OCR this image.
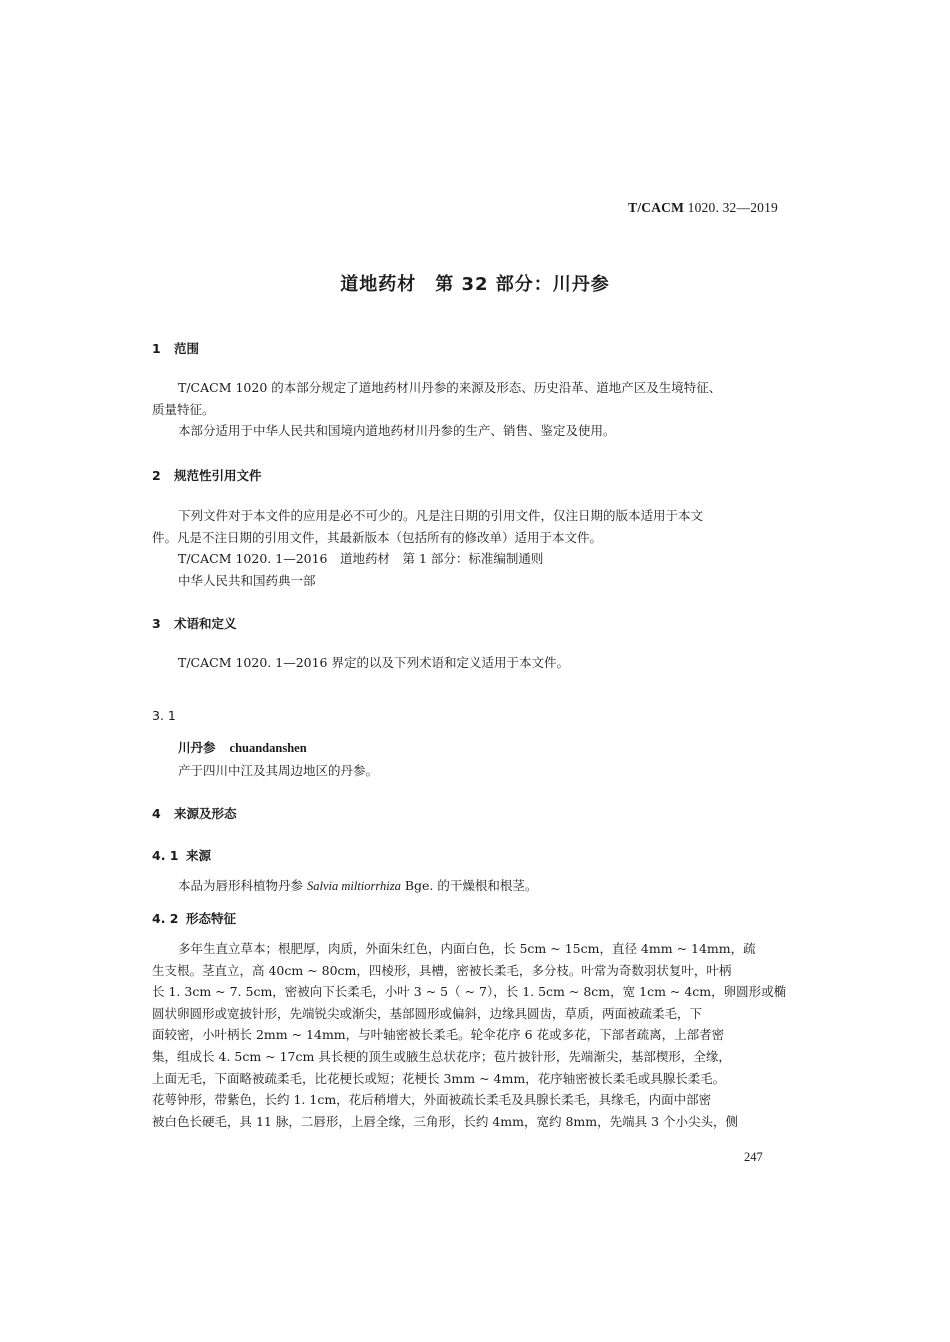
T/CACM 1020. 32—2019
道地药材　第 32 部分：川丹参
1 范围
T/CACM 1020 的本部分规定了道地药材川丹参的来源及形态、历史沿革、道地产区及生境特征、
质量特征。
本部分适用于中华人民共和国境内道地药材川丹参的生产、销售、鉴定及使用。
2 规范性引用文件
下列文件对于本文件的应用是必不可少的。凡是注日期的引用文件，仅注日期的版本适用于本文
件。凡是不注日期的引用文件，其最新版本（包括所有的修改单）适用于本文件。
T/CACM 1020. 1—2016　道地药材　第 1 部分：标准编制通则
中华人民共和国药典一部
3 术语和定义
T/CACM 1020. 1—2016 界定的以及下列术语和定义适用于本文件。
3. 1
川丹参 chuandanshen
产于四川中江及其周边地区的丹参。
4 来源及形态
4. 1 来源
本品为唇形科植物丹参 Salvia miltiorrhiza Bge. 的干燥根和根茎。
4. 2 形态特征
多年生直立草本；根肥厚，肉质，外面朱红色，内面白色，长 5cm ~ 15cm，直径 4mm ~ 14mm，疏
生支根。茎直立，高 40cm ~ 80cm，四棱形，具槽，密被长柔毛，多分枝。叶常为奇数羽状复叶，叶柄
长 1. 3cm ~ 7. 5cm，密被向下长柔毛，小叶 3 ~ 5（ ~ 7），长 1. 5cm ~ 8cm，宽 1cm ~ 4cm，卵圆形或椭
圆状卵圆形或宽披针形，先端锐尖或渐尖，基部圆形或偏斜，边缘具圆齿，草质，两面被疏柔毛，下
面较密，小叶柄长 2mm ~ 14mm，与叶轴密被长柔毛。轮伞花序 6 花或多花，下部者疏离，上部者密
集，组成长 4. 5cm ~ 17cm 具长梗的顶生或腋生总状花序；苞片披针形，先端渐尖，基部楔形，全缘，
上面无毛，下面略被疏柔毛，比花梗长或短；花梗长 3mm ~ 4mm，花序轴密被长柔毛或具腺长柔毛。
花萼钟形，带紫色，长约 1. 1cm，花后稍增大，外面被疏长柔毛及具腺长柔毛，具缘毛，内面中部密
被白色长硬毛，具 11 脉，二唇形，上唇全缘，三角形，长约 4mm，宽约 8mm，先端具 3 个小尖头，侧
247
